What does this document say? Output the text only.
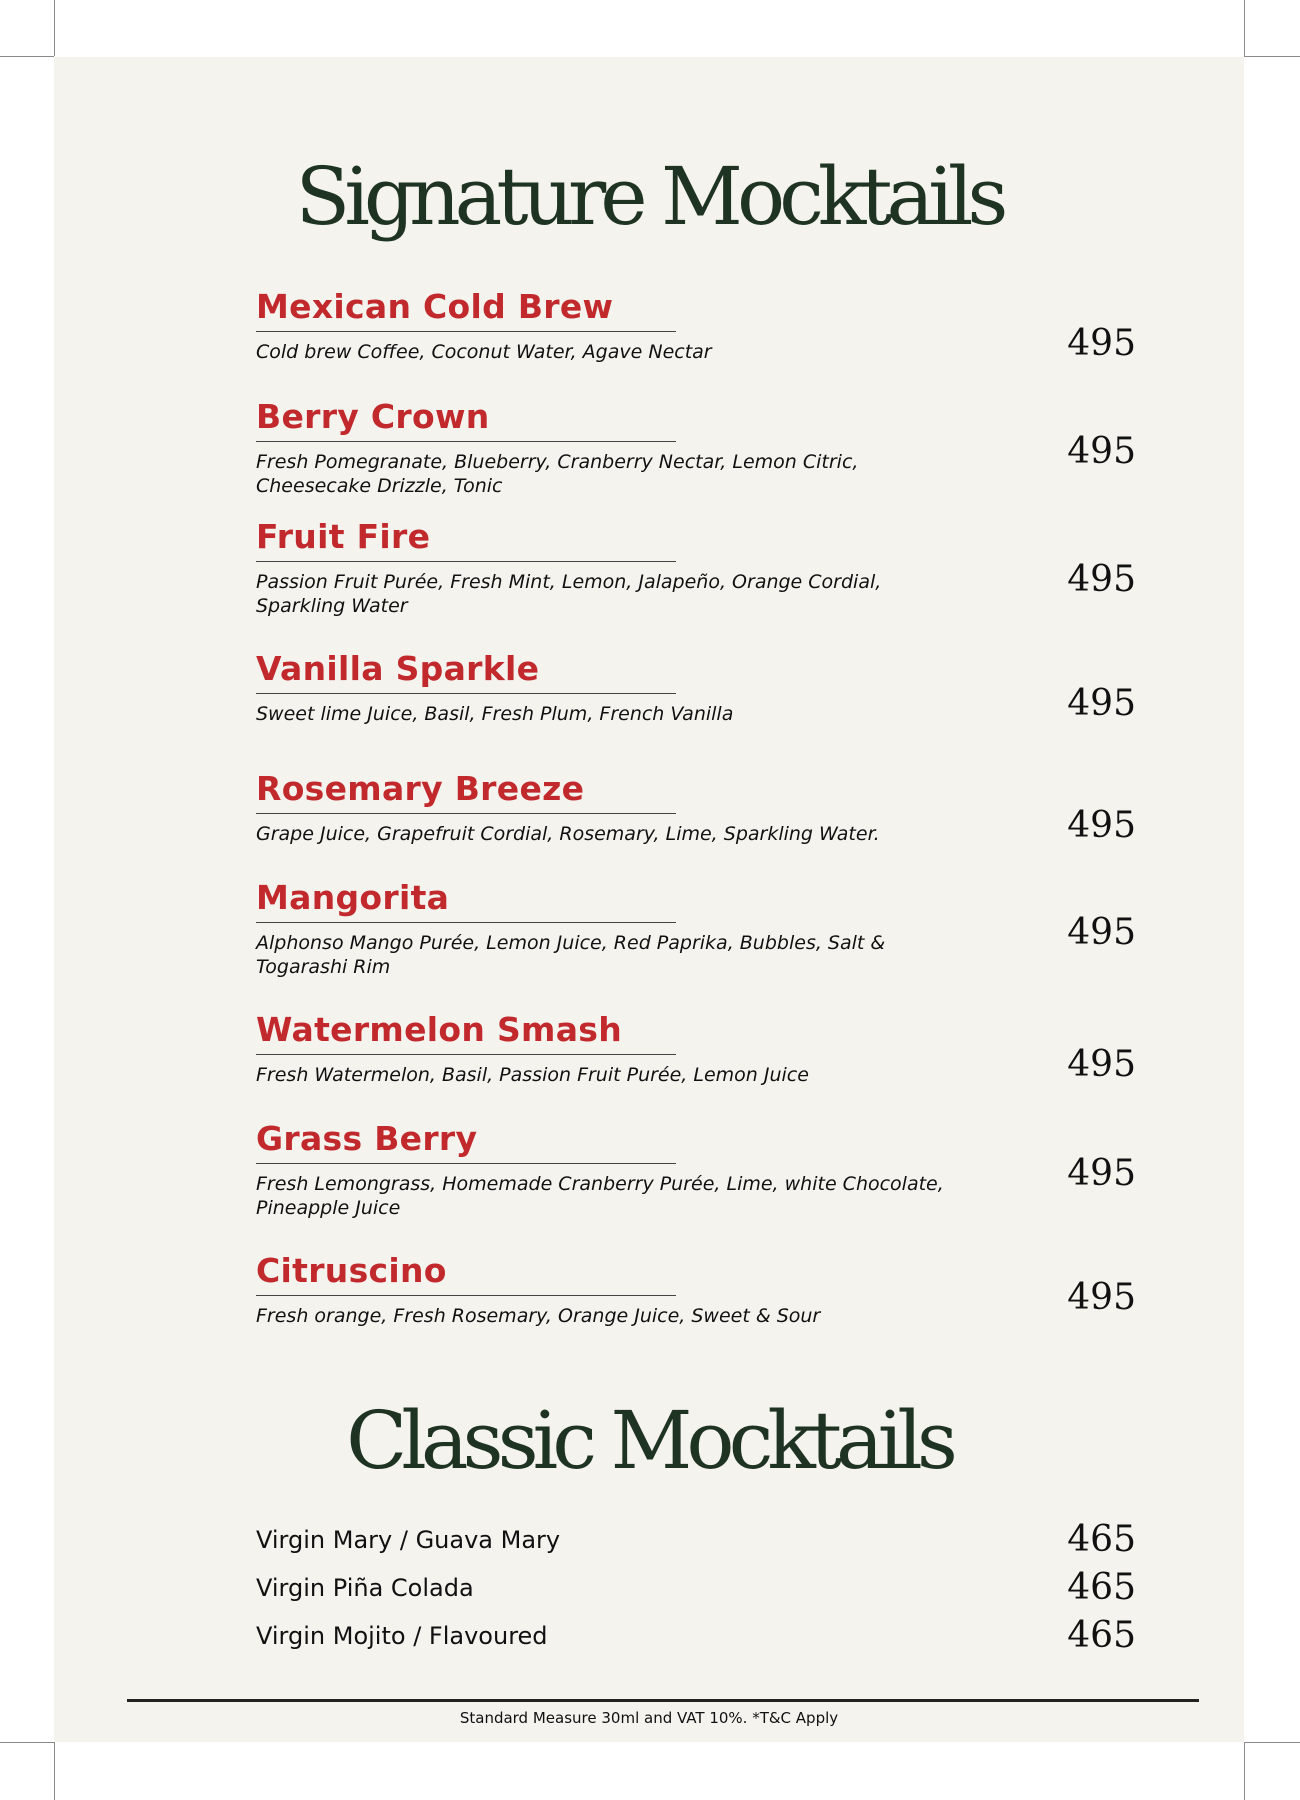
Signature Mocktails
Mexican Cold Brew
Cold brew Coffee, Coconut Water, Agave Nectar	495
Berry Crown
Fresh Pomegranate, Blueberry, Cranberry Nectar, Lemon Citric, Cheesecake Drizzle, Tonic
495
Fruit Fire
Passion Fruit Purée, Fresh Mint, Lemon, Jalapeño, Orange Cordial, Sparkling Water
495
Vanilla Sparkle
Sweet lime Juice, Basil, Fresh Plum, French Vanilla	495
Rosemary Breeze
Grape Juice, Grapefruit Cordial, Rosemary, Lime, Sparkling Water.	495
Mangorita
Alphonso Mango Purée, Lemon Juice, Red Paprika, Bubbles, Salt & Togarashi Rim
495
Watermelon Smash
Fresh Watermelon, Basil, Passion Fruit Purée, Lemon Juice	495
Grass Berry
Fresh Lemongrass, Homemade Cranberry Purée, Lime, white Chocolate, Pineapple Juice
495
Citruscino
Fresh orange, Fresh Rosemary, Orange Juice, Sweet & Sour	495
Classic Mocktails
Virgin Mary / Guava Mary	465
Virgin Piña Colada	465
Virgin Mojito / Flavoured	465
Standard Measure 30ml and VAT 10%. *T&C Apply
